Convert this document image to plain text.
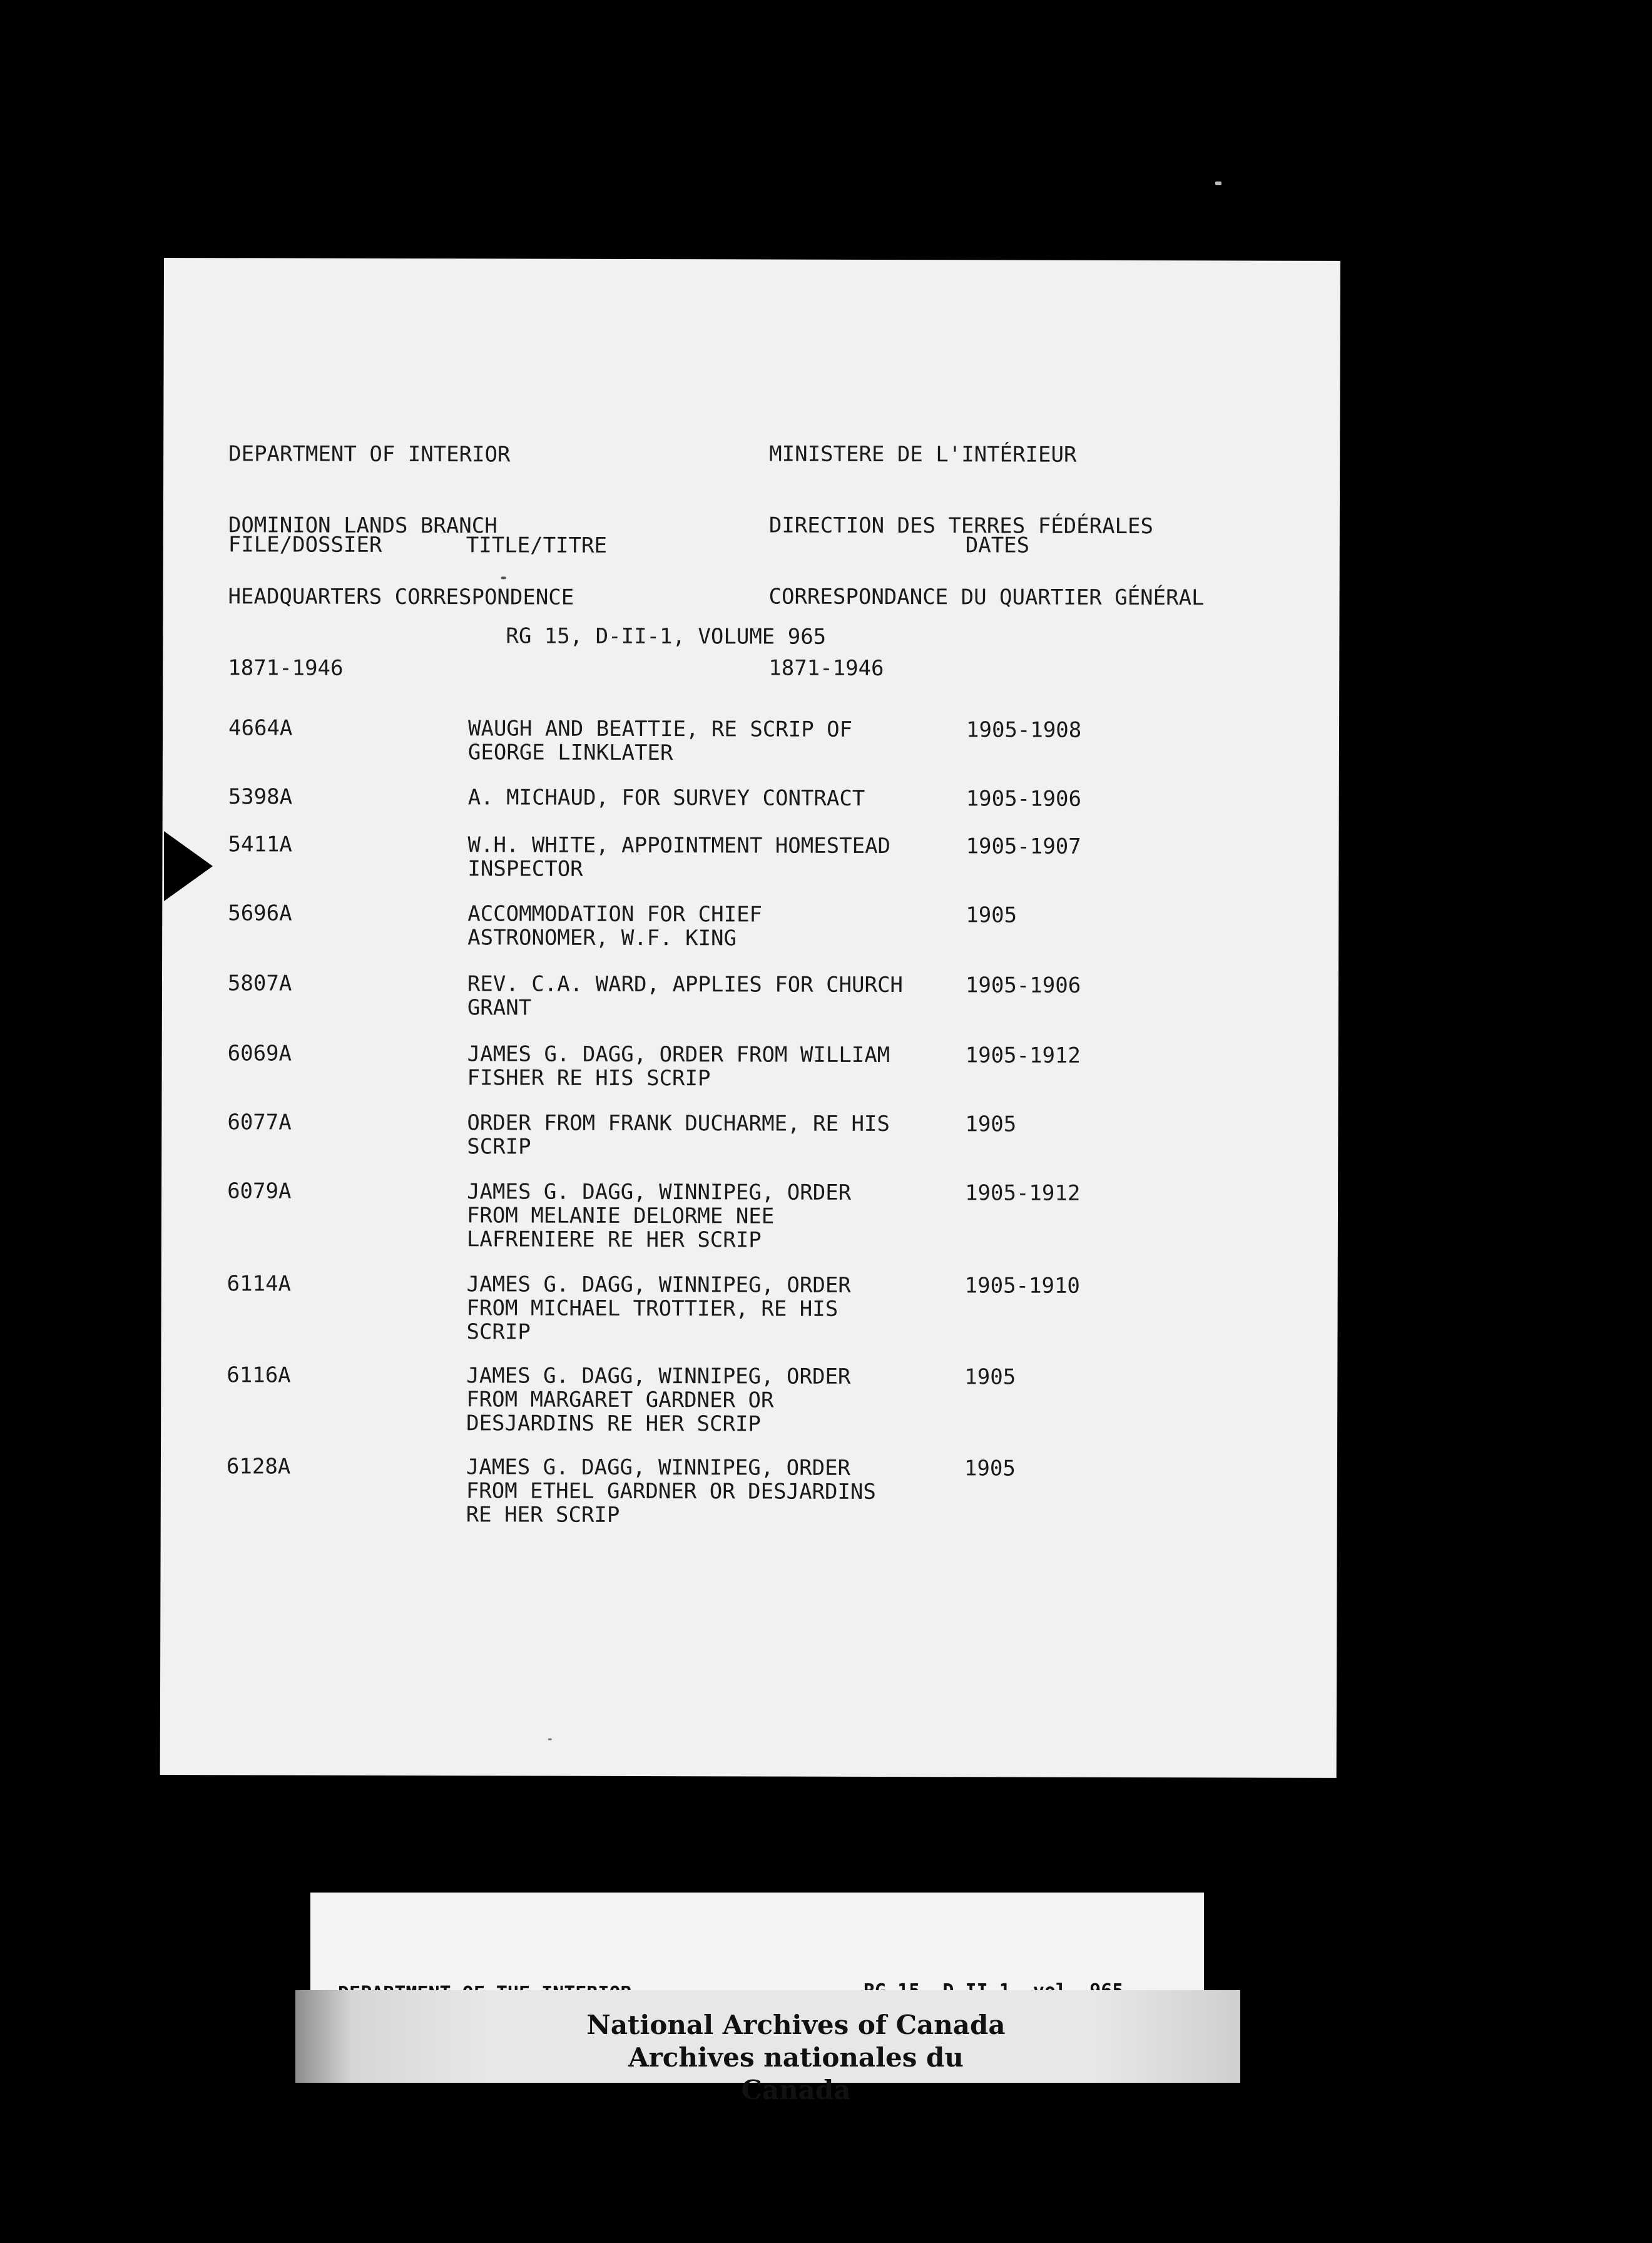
DEPARTMENT OF INTERIOR

DOMINION LANDS BRANCH

HEADQUARTERS CORRESPONDENCE

1871-1946

MINISTERE DE L'INTÉRIEUR

DIRECTION DES TERRES FÉDÉRALES

CORRESPONDANCE DU QUARTIER GÉNÉRAL

1871-1946

FILE/DOSSIER	TITLE/TITRE	DATES
RG 15, D-II-1, VOLUME 965
4664A	WAUGH AND BEATTIE, RE SCRIP OF
GEORGE LINKLATER
1905-1908
5398A	A. MICHAUD, FOR SURVEY CONTRACT	1905-1906
5411A	W.H. WHITE, APPOINTMENT HOMESTEAD
INSPECTOR
1905-1907
5696A	ACCOMMODATION FOR CHIEF
ASTRONOMER, W.F. KING
1905
5807A	REV. C.A. WARD, APPLIES FOR CHURCH
GRANT
1905-1906
6069A	JAMES G. DAGG, ORDER FROM WILLIAM
FISHER RE HIS SCRIP
1905-1912
6077A	ORDER FROM FRANK DUCHARME, RE HIS
SCRIP
1905
6079A	JAMES G. DAGG, WINNIPEG, ORDER
FROM MELANIE DELORME NEE
LAFRENIERE RE HER SCRIP
1905-1912
6114A	JAMES G. DAGG, WINNIPEG, ORDER
FROM MICHAEL TROTTIER, RE HIS
SCRIP
1905-1910
6116A	JAMES G. DAGG, WINNIPEG, ORDER
FROM MARGARET GARDNER OR
DESJARDINS RE HER SCRIP
1905
6128A	JAMES G. DAGG, WINNIPEG, ORDER
FROM ETHEL GARDNER OR DESJARDINS
RE HER SCRIP
1905

National Archives of Canada
Archives nationales du Canada
